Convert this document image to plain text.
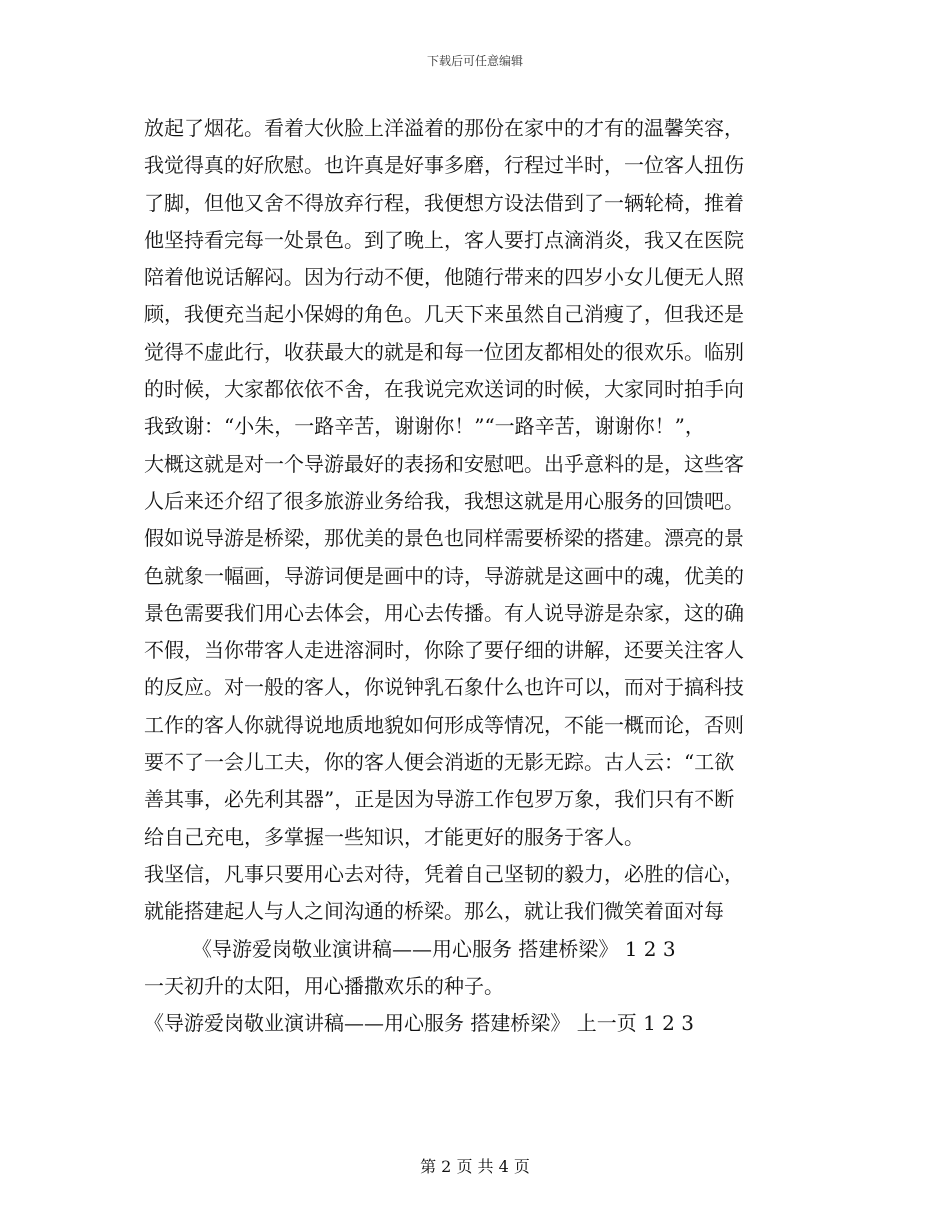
下载后可任意编辑
放起了烟花。看着大伙脸上洋溢着的那份在家中的才有的温馨笑容，
我觉得真的好欣慰。也许真是好事多磨，行程过半时，一位客人扭伤
了脚，但他又舍不得放弃行程，我便想方设法借到了一辆轮椅，推着
他坚持看完每一处景色。到了晚上，客人要打点滴消炎，我又在医院
陪着他说话解闷。因为行动不便，他随行带来的四岁小女儿便无人照
顾，我便充当起小保姆的角色。几天下来虽然自己消瘦了，但我还是
觉得不虚此行，收获最大的就是和每一位团友都相处的很欢乐。临别
的时候，大家都依依不舍，在我说完欢送词的时候，大家同时拍手向
我致谢：“小朱，一路辛苦，谢谢你！”“一路辛苦，谢谢你！”，
大概这就是对一个导游最好的表扬和安慰吧。出乎意料的是，这些客
人后来还介绍了很多旅游业务给我，我想这就是用心服务的回馈吧。
假如说导游是桥梁，那优美的景色也同样需要桥梁的搭建。漂亮的景
色就象一幅画，导游词便是画中的诗，导游就是这画中的魂，优美的
景色需要我们用心去体会，用心去传播。有人说导游是杂家，这的确
不假，当你带客人走进溶洞时，你除了要仔细的讲解，还要关注客人
的反应。对一般的客人，你说钟乳石象什么也许可以，而对于搞科技
工作的客人你就得说地质地貌如何形成等情况，不能一概而论，否则
要不了一会儿工夫，你的客人便会消逝的无影无踪。古人云：“工欲
善其事，必先利其器”，正是因为导游工作包罗万象，我们只有不断
给自己充电，多掌握一些知识，才能更好的服务于客人。
我坚信，凡事只要用心去对待，凭着自己坚韧的毅力，必胜的信心，
就能搭建起人与人之间沟通的桥梁。那么，就让我们微笑着面对每
《导游爱岗敬业演讲稿——用心服务 搭建桥梁》 1 2 3
一天初升的太阳，用心播撒欢乐的种子。
《导游爱岗敬业演讲稿——用心服务 搭建桥梁》 上一页 1 2 3
第 2 页 共 4 页
